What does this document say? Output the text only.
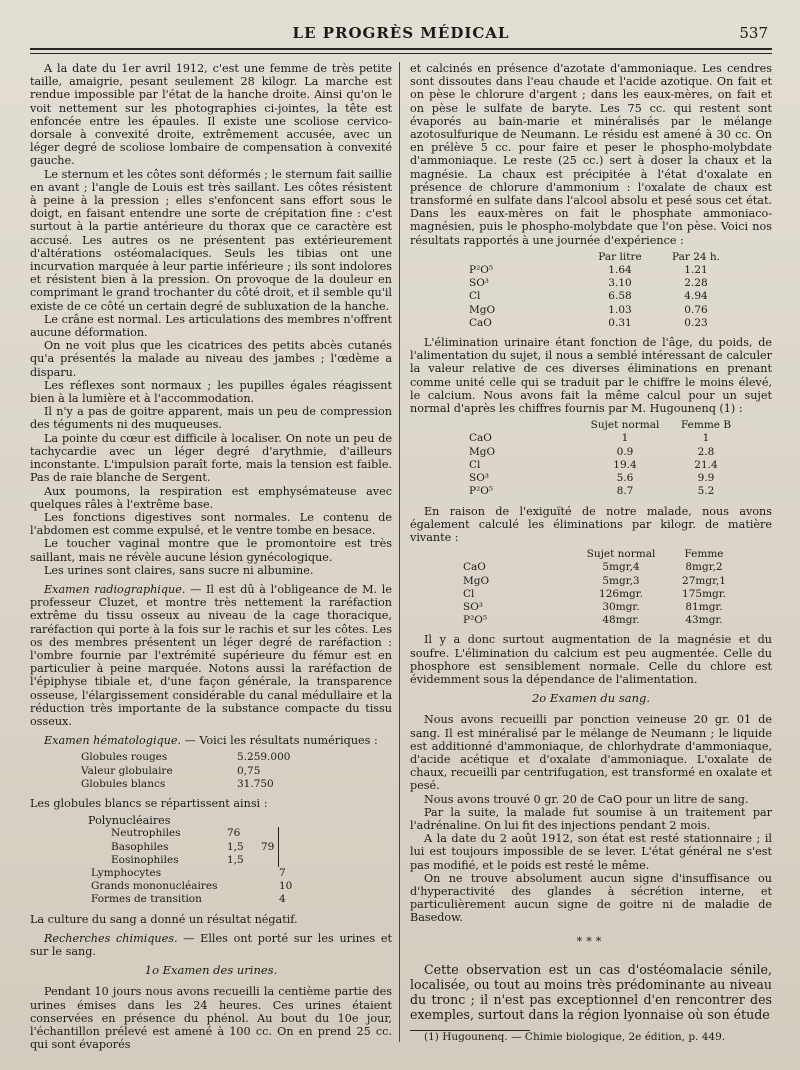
LE PROGRÈS MÉDICAL	537

A la date du 1er avril 1912, c'est une femme de très petite taille, amaigrie, pesant seulement 28 kilogr. La marche est rendue impossible par l'état de la hanche droite. Ainsi qu'on le voit nettement sur les photographies ci-jointes, la tête est enfoncée entre les épaules. Il existe une scoliose cervico-dorsale à convexité droite, extrêmement accusée, avec un léger degré de scoliose lombaire de compensation à convexité gauche.

Le sternum et les côtes sont déformés ; le sternum fait saillie en avant ; l'angle de Louis est très saillant. Les côtes résistent à peine à la pression ; elles s'enfoncent sans effort sous le doigt, en faisant entendre une sorte de crépitation fine : c'est surtout à la partie antérieure du thorax que ce caractère est accusé. Les autres os ne présentent pas extérieurement d'altérations ostéomalaciques. Seuls les tibias ont une incurvation marquée à leur partie inférieure ; ils sont indolores et résistent bien à la pression. On provoque de la douleur en comprimant le grand trochanter du côté droit, et il semble qu'il existe de ce côté un certain degré de subluxation de la hanche.

Le crâne est normal. Les articulations des membres n'offrent aucune déformation.

On ne voit plus que les cicatrices des petits abcès cutanés qu'a présentés la malade au niveau des jambes ; l'œdème a disparu.

Les réflexes sont normaux ; les pupilles égales réagissent bien à la lumière et à l'accommodation.

Il n'y a pas de goitre apparent, mais un peu de compression des téguments ni des muqueuses.

La pointe du cœur est difficile à localiser. On note un peu de tachycardie avec un léger degré d'arythmie, d'ailleurs inconstante. L'impulsion paraît forte, mais la tension est faible. Pas de raie blanche de Sergent.

Aux poumons, la respiration est emphysémateuse avec quelques râles à l'extrême base.

Les fonctions digestives sont normales. Le contenu de l'abdomen est comme expulsé, et le ventre tombe en besace.

Le toucher vaginal montre que le promontoire est très saillant, mais ne révèle aucune lésion gynécologique.

Les urines sont claires, sans sucre ni albumine.

Examen radiographique. — Il est dû à l'obligeance de M. le professeur Cluzet, et montre très nettement la raréfaction extrême du tissu osseux au niveau de la cage thoracique, raréfaction qui porte à la fois sur le rachis et sur les côtes. Les os des membres présentent un léger degré de raréfaction : l'ombre fournie par l'extrémité supérieure du fémur est en particulier à peine marquée. Notons aussi la raréfaction de l'épiphyse tibiale et, d'une façon générale, la transparence osseuse, l'élargissement considérable du canal médullaire et la réduction très importante de la substance compacte du tissu osseux.

Examen hématologique. — Voici les résultats numériques :

Globules rouges	5.259.000
Valeur globulaire	0,75
Globules blancs	31.750

Les globules blancs se répartissent ainsi :

Polynucléaires
	Neutrophiles	76	79
	Basophiles	1,5	
	Eosinophiles	1,5	
Lymphocytes	7
Grands mononucléaires	10
Formes de transition	4

La culture du sang a donné un résultat négatif.

Recherches chimiques. — Elles ont porté sur les urines et sur le sang.

1o Examen des urines.

Pendant 10 jours nous avons recueilli la centième partie des urines émises dans les 24 heures. Ces urines étaient conservées en présence du phénol. Au bout du 10e jour, l'échantillon prélevé est amené à 100 cc. On en prend 25 cc. qui sont évaporés

et calcinés en présence d'azotate d'ammoniaque. Les cendres sont dissoutes dans l'eau chaude et l'acide azotique. On fait et on pèse le chlorure d'argent ; dans les eaux-mères, on fait et on pèse le sulfate de baryte. Les 75 cc. qui restent sont évaporés au bain-marie et minéralisés par le mélange azotosulfurique de Neumann. Le résidu est amené à 30 cc. On en prélève 5 cc. pour faire et peser le phospho-molybdate d'ammoniaque. Le reste (25 cc.) sert à doser la chaux et la magnésie. La chaux est précipitée à l'état d'oxalate en présence de chlorure d'ammonium : l'oxalate de chaux est transformé en sulfate dans l'alcool absolu et pesé sous cet état. Dans les eaux-mères on fait le phosphate ammoniaco-magnésien, puis le phospho-molybdate que l'on pèse. Voici nos résultats rapportés à une journée d'expérience :

	Par litre	Par 24 h.
P²O⁵	1.64	1.21
SO³	3.10	2.28
Cl	6.58	4.94
MgO	1.03	0.76
CaO	0.31	0.23

L'élimination urinaire étant fonction de l'âge, du poids, de l'alimentation du sujet, il nous a semblé intéressant de calculer la valeur relative de ces diverses éliminations en prenant comme unité celle qui se traduit par le chiffre le moins élevé, le calcium. Nous avons fait la même calcul pour un sujet normal d'après les chiffres fournis par M. Hugounenq (1) :

	Sujet normal	Femme B
CaO	1	1
MgO	0.9	2.8
Cl	19.4	21.4
SO³	5.6	9.9
P²O⁵	8.7	5.2

En raison de l'exiguïté de notre malade, nous avons également calculé les éliminations par kilogr. de matière vivante :

	Sujet normal	Femme
CaO	5mgr,4	8mgr,2
MgO	5mgr,3	27mgr,1
Cl	126mgr.	175mgr.
SO³	30mgr.	81mgr.
P²O⁵	48mgr.	43mgr.

Il y a donc surtout augmentation de la magnésie et du soufre. L'élimination du calcium est peu augmentée. Celle du phosphore est sensiblement normale. Celle du chlore est évidemment sous la dépendance de l'alimentation.

2o Examen du sang.

Nous avons recueilli par ponction veineuse 20 gr. 01 de sang. Il est minéralisé par le mélange de Neumann ; le liquide est additionné d'ammoniaque, de chlorhydrate d'ammoniaque, d'acide acétique et d'oxalate d'ammoniaque. L'oxalate de chaux, recueilli par centrifugation, est transformé en oxalate et pesé.

Nous avons trouvé 0 gr. 20 de CaO pour un litre de sang.

Par la suite, la malade fut soumise à un traitement par l'adrénaline. On lui fit des injections pendant 2 mois.

A la date du 2 août 1912, son état est resté stationnaire ; il lui est toujours impossible de se lever. L'état général ne s'est pas modifié, et le poids est resté le même.

On ne trouve absolument aucun signe d'insuffisance ou d'hyperactivité des glandes à sécrétion interne, et particulièrement aucun signe de goitre ni de maladie de Basedow.

***

Cette observation est un cas d'ostéomalacie sénile, localisée, ou tout au moins très prédominante au niveau du tronc ; il n'est pas exceptionnel d'en rencontrer des exemples, surtout dans la région lyonnaise où son étude

(1) Hugounenq. — Chimie biologique, 2e édition, p. 449.
